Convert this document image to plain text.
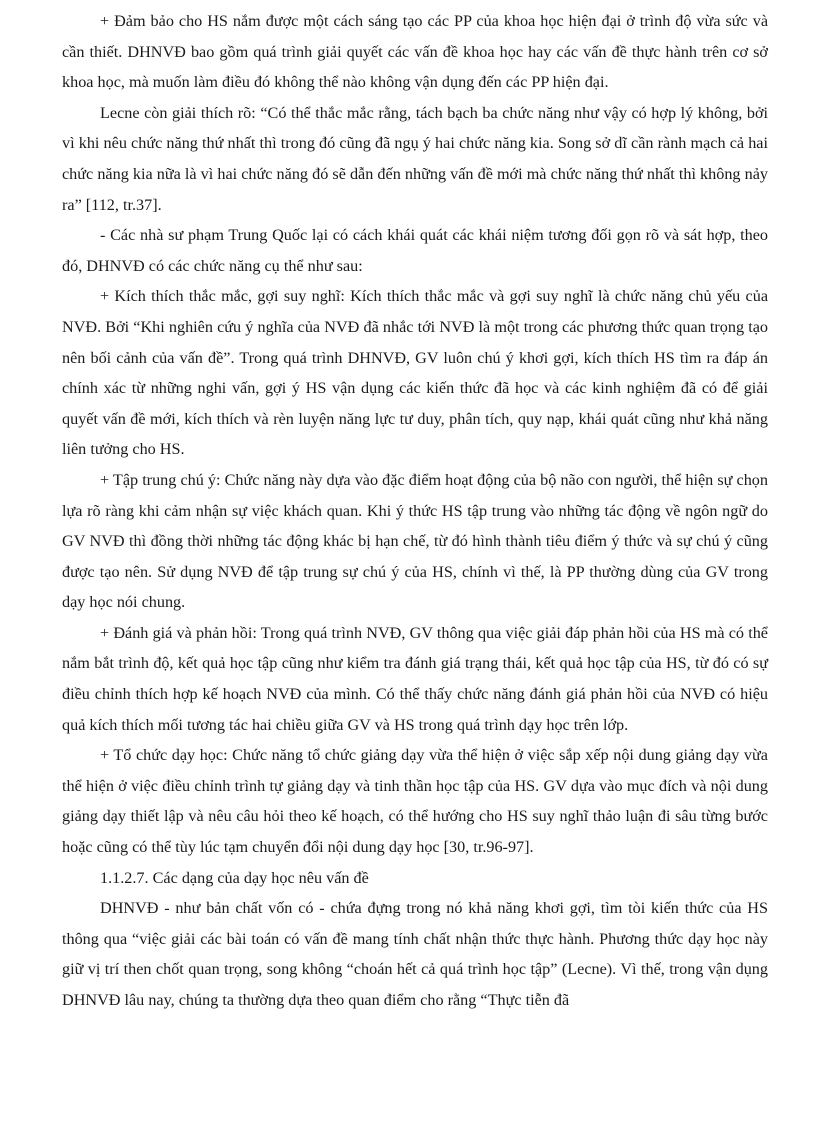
+ Đảm bảo cho HS nắm được một cách sáng tạo các PP của khoa học hiện đại ở trình độ vừa sức và cần thiết. DHNVĐ bao gồm quá trình giải quyết các vấn đề khoa học hay các vấn đề thực hành trên cơ sở khoa học, mà muốn làm điều đó không thể nào không vận dụng đến các PP hiện đại.

Lecne còn giải thích rõ: “Có thể thắc mắc rằng, tách bạch ba chức năng như vậy có hợp lý không, bởi vì khi nêu chức năng thứ nhất thì trong đó cũng đã ngụ ý hai chức năng kia. Song sở dĩ cần rành mạch cả hai chức năng kia nữa là vì hai chức năng đó sẽ dẫn đến những vấn đề mới mà chức năng thứ nhất thì không nảy ra” [112, tr.37].

- Các nhà sư phạm Trung Quốc lại có cách khái quát các khái niệm tương đối gọn rõ và sát hợp, theo đó, DHNVĐ có các chức năng cụ thể như sau:

+ Kích thích thắc mắc, gợi suy nghĩ: Kích thích thắc mắc và gợi suy nghĩ là chức năng chủ yếu của NVĐ. Bởi “Khi nghiên cứu ý nghĩa của NVĐ đã nhắc tới NVĐ là một trong các phương thức quan trọng tạo nên bối cảnh của vấn đề”. Trong quá trình DHNVĐ, GV luôn chú ý khơi gợi, kích thích HS tìm ra đáp án chính xác từ những nghi vấn, gợi ý HS vận dụng các kiến thức đã học và các kinh nghiệm đã có để giải quyết vấn đề mới, kích thích và rèn luyện năng lực tư duy, phân tích, quy nạp, khái quát cũng như khả năng liên tưởng cho HS.

+ Tập trung chú ý: Chức năng này dựa vào đặc điểm hoạt động của bộ não con người, thể hiện sự chọn lựa rõ ràng khi cảm nhận sự việc khách quan. Khi ý thức HS tập trung vào những tác động về ngôn ngữ do GV NVĐ thì đồng thời những tác động khác bị hạn chế, từ đó hình thành tiêu điểm ý thức và sự chú ý cũng được tạo nên. Sử dụng NVĐ để tập trung sự chú ý của HS, chính vì thế, là PP thường dùng của GV trong dạy học nói chung.

+ Đánh giá và phản hồi: Trong quá trình NVĐ, GV thông qua việc giải đáp phản hồi của HS mà có thể nắm bắt trình độ, kết quả học tập cũng như kiểm tra đánh giá trạng thái, kết quả học tập của HS, từ đó có sự điều chỉnh thích hợp kế hoạch NVĐ của mình. Có thể thấy chức năng đánh giá phản hồi của NVĐ có hiệu quả kích thích mối tương tác hai chiều giữa GV và HS trong quá trình dạy học trên lớp.

+ Tổ chức dạy học: Chức năng tổ chức giảng dạy vừa thể hiện ở việc sắp xếp nội dung giảng dạy vừa thể hiện ở việc điều chỉnh trình tự giảng dạy và tinh thần học tập của HS. GV dựa vào mục đích và nội dung giảng dạy thiết lập và nêu câu hỏi theo kế hoạch, có thể hướng cho HS suy nghĩ thảo luận đi sâu từng bước hoặc cũng có thể tùy lúc tạm chuyển đổi nội dung dạy học [30, tr.96-97].

1.1.2.7. Các dạng của dạy học nêu vấn đề

DHNVĐ - như bản chất vốn có - chứa đựng trong nó khả năng khơi gợi, tìm tòi kiến thức của HS thông qua “việc giải các bài toán có vấn đề mang tính chất nhận thức thực hành. Phương thức dạy học này giữ vị trí then chốt quan trọng, song không “choán hết cả quá trình học tập” (Lecne). Vì thế, trong vận dụng DHNVĐ lâu nay, chúng ta thường dựa theo quan điểm cho rằng “Thực tiễn đã
